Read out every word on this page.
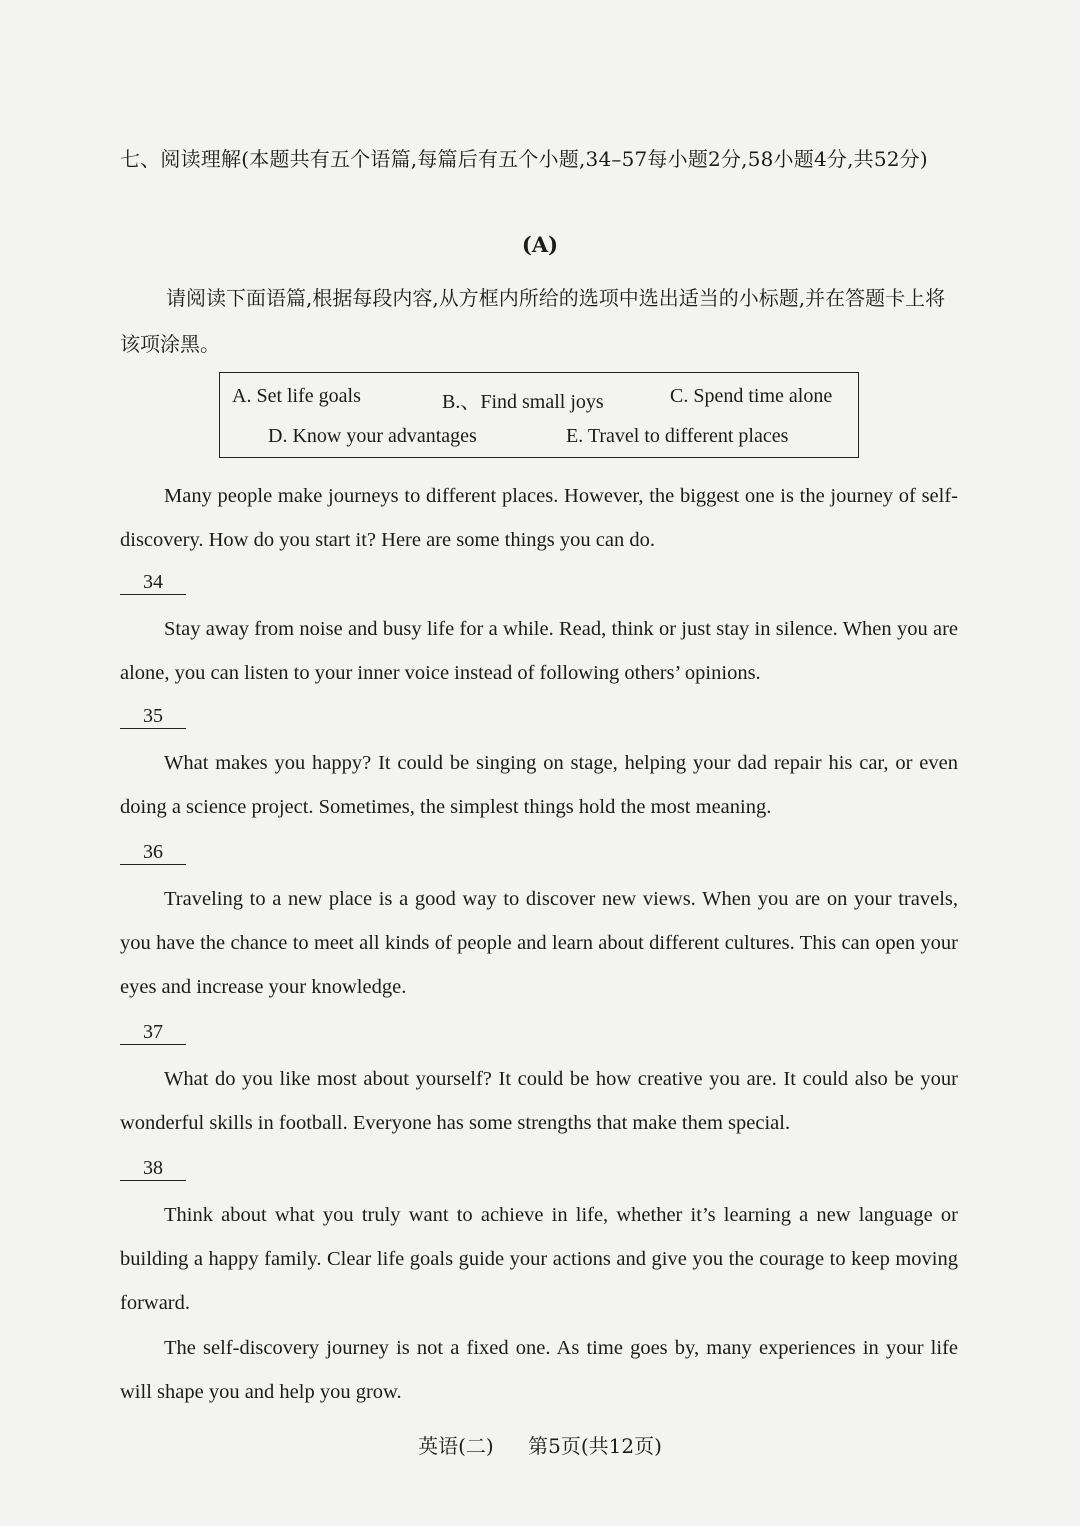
七、阅读理解(本题共有五个语篇,每篇后有五个小题,34–57每小题2分,58小题4分,共52分)
(A)
请阅读下面语篇,根据每段内容,从方框内所给的选项中选出适当的小标题,并在答题卡上将该项涂黑。
A. Set life goals	B.、Find small joys	C. Spend time alone
D. Know your advantages	E. Travel to different places

Many people make journeys to different places. However, the biggest one is the journey of self-discovery. How do you start it? Here are some things you can do.

34

Stay away from noise and busy life for a while. Read, think or just stay in silence. When you are alone, you can listen to your inner voice instead of following others’ opinions.

35

What makes you happy? It could be singing on stage, helping your dad repair his car, or even doing a science project. Sometimes, the simplest things hold the most meaning.

36

Traveling to a new place is a good way to discover new views. When you are on your travels, you have the chance to meet all kinds of people and learn about different cultures. This can open your eyes and increase your knowledge.

37

What do you like most about yourself? It could be how creative you are. It could also be your wonderful skills in football. Everyone has some strengths that make them special.

38

Think about what you truly want to achieve in life, whether it’s learning a new language or building a happy family. Clear life goals guide your actions and give you the courage to keep moving forward.

The self-discovery journey is not a fixed one. As time goes by, many experiences in your life will shape you and help you grow.

英语(二) 第5页(共12页)
